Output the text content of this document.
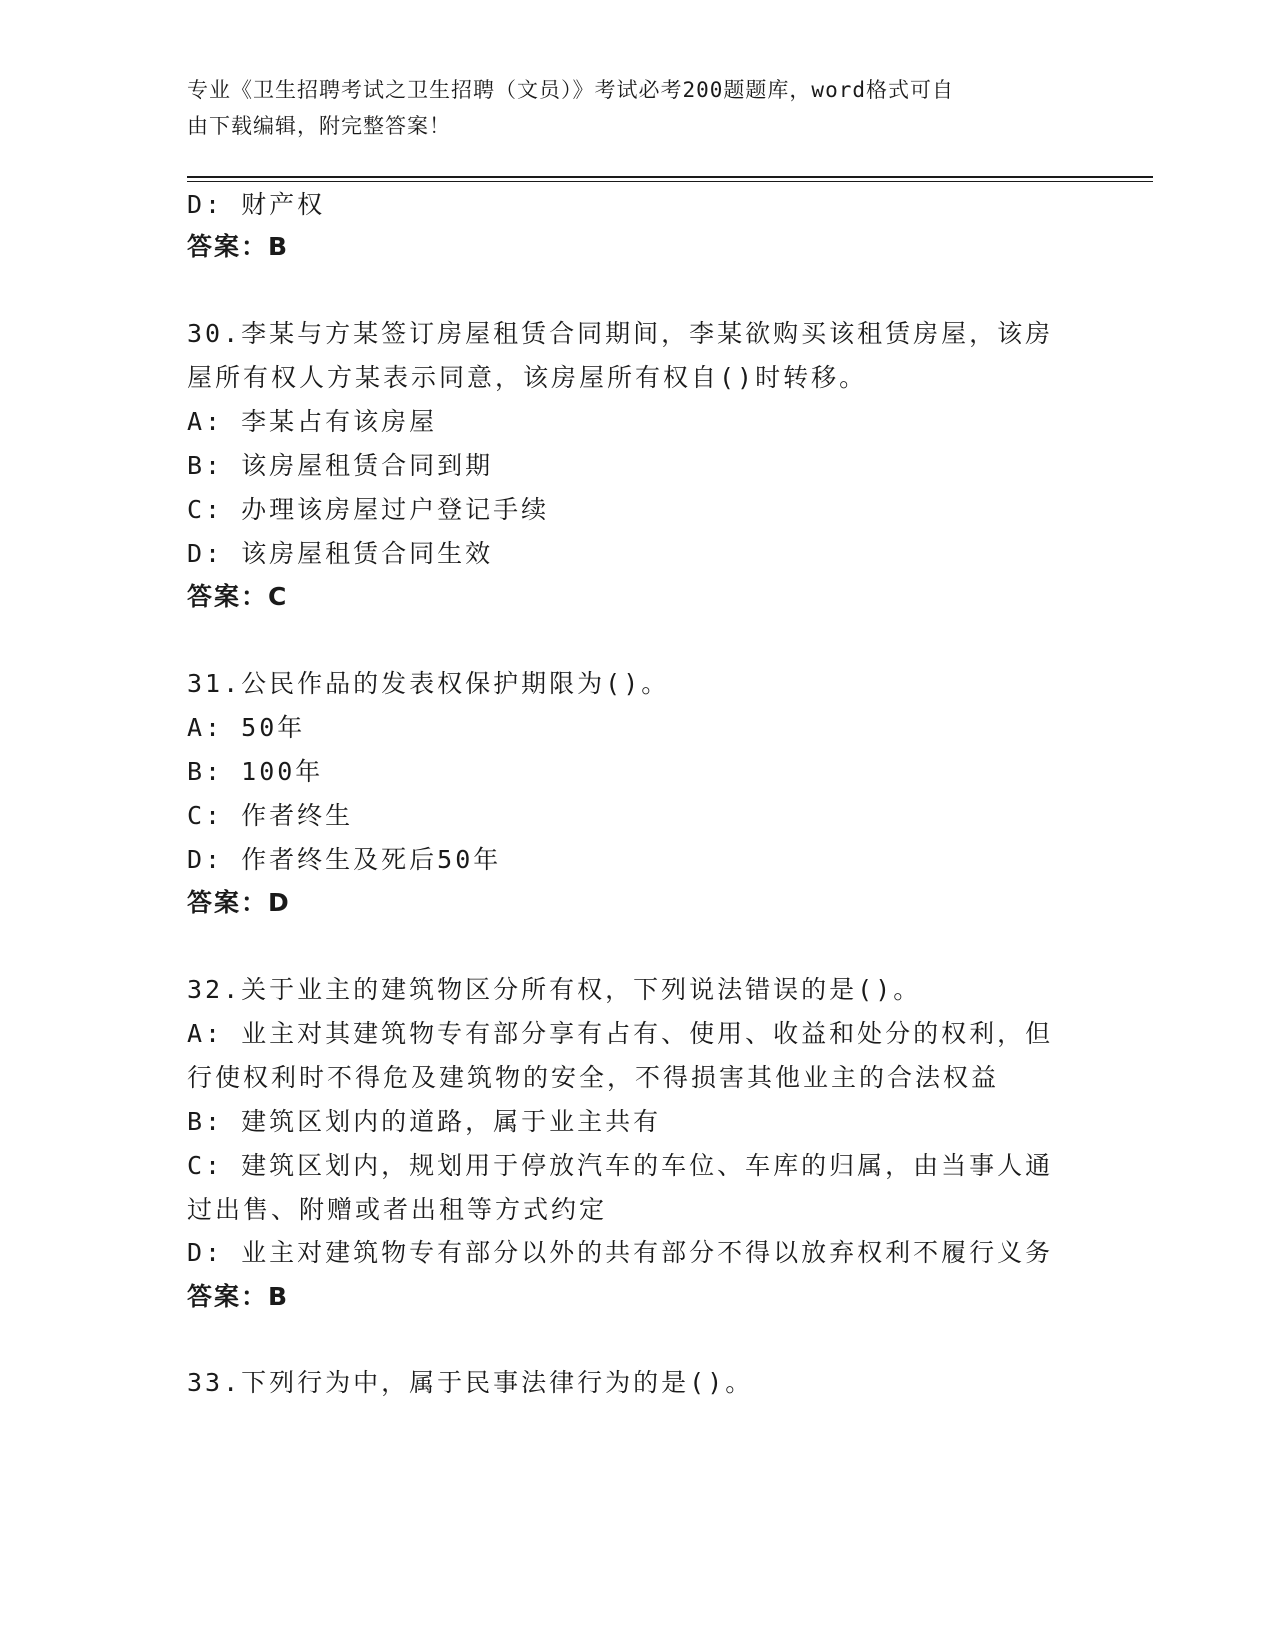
专业《卫生招聘考试之卫生招聘（文员）》考试必考200题题库，word格式可自
由下载编辑，附完整答案！
D: 财产权
答案：B
30.李某与方某签订房屋租赁合同期间，李某欲购买该租赁房屋，该房
屋所有权人方某表示同意，该房屋所有权自()时转移。
A: 李某占有该房屋
B: 该房屋租赁合同到期
C: 办理该房屋过户登记手续
D: 该房屋租赁合同生效
答案：C
31.公民作品的发表权保护期限为()。
A: 50年
B: 100年
C: 作者终生
D: 作者终生及死后50年
答案：D
32.关于业主的建筑物区分所有权，下列说法错误的是()。
A: 业主对其建筑物专有部分享有占有、使用、收益和处分的权利，但
行使权利时不得危及建筑物的安全，不得损害其他业主的合法权益
B: 建筑区划内的道路，属于业主共有
C: 建筑区划内，规划用于停放汽车的车位、车库的归属，由当事人通
过出售、附赠或者出租等方式约定
D: 业主对建筑物专有部分以外的共有部分不得以放弃权利不履行义务
答案：B
33.下列行为中，属于民事法律行为的是()。
